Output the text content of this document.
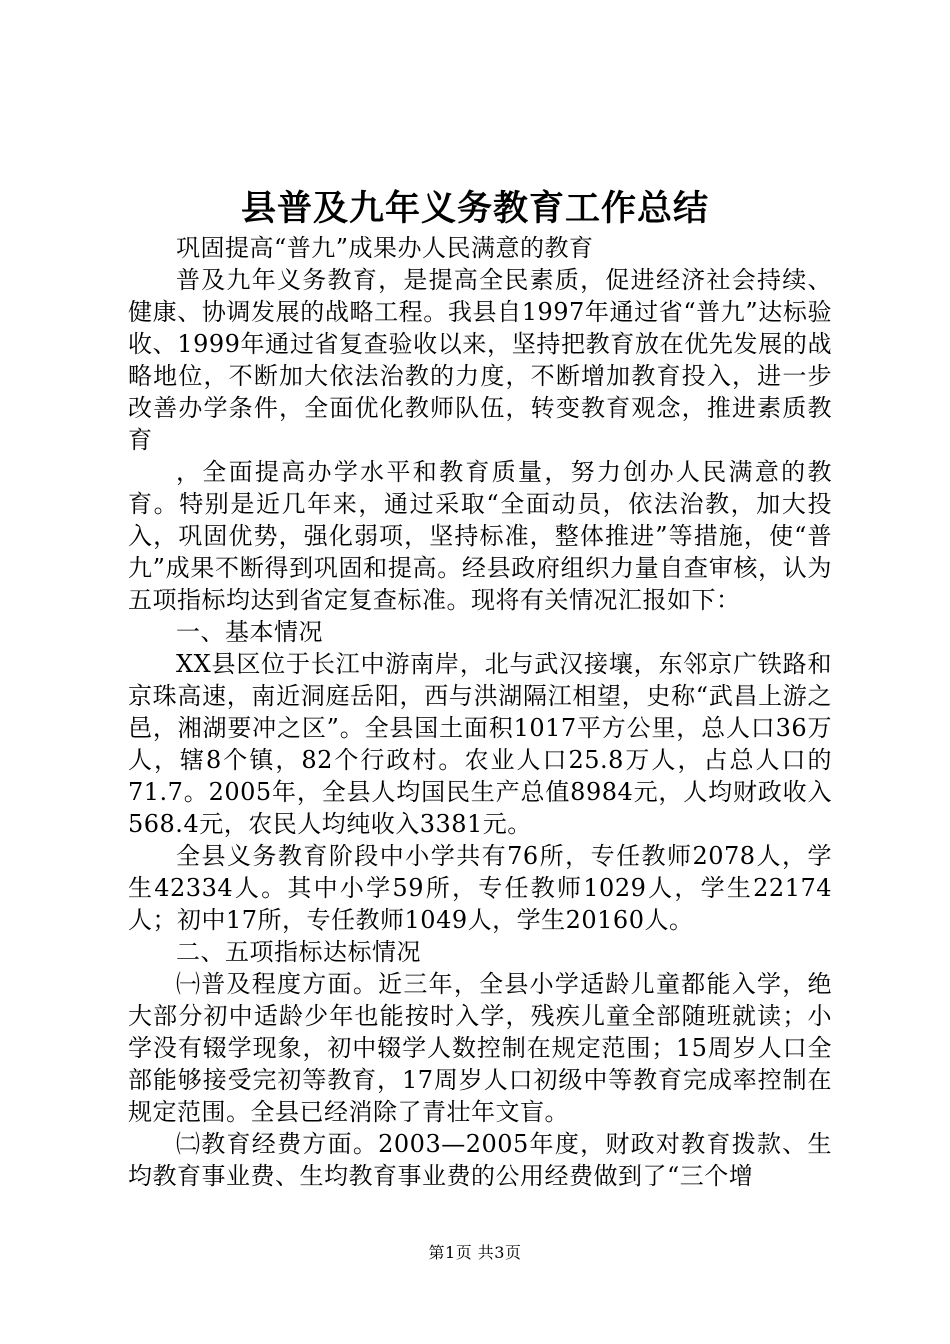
县普及九年义务教育工作总结

巩固提高“普九”成果办人民满意的教育

普及九年义务教育，是提高全民素质，促进经济社会持续、健康、协调发展的战略工程。我县自1997年通过省“普九”达标验收、1999年通过省复查验收以来，坚持把教育放在优先发展的战略地位，不断加大依法治教的力度，不断增加教育投入，进一步改善办学条件，全面优化教师队伍，转变教育观念，推进素质教育

，全面提高办学水平和教育质量，努力创办人民满意的教育。特别是近几年来，通过采取“全面动员，依法治教，加大投入，巩固优势，强化弱项，坚持标准，整体推进”等措施，使“普九”成果不断得到巩固和提高。经县政府组织力量自查审核，认为五项指标均达到省定复查标准。现将有关情况汇报如下：

一、基本情况

XX县区位于长江中游南岸，北与武汉接壤，东邻京广铁路和京珠高速，南近洞庭岳阳，西与洪湖隔江相望，史称“武昌上游之邑，湘湖要冲之区”。全县国土面积1017平方公里，总人口36万人，辖8个镇，82个行政村。农业人口25.8万人，占总人口的71.7。2005年，全县人均国民生产总值8984元，人均财政收入568.4元，农民人均纯收入3381元。

全县义务教育阶段中小学共有76所，专任教师2078人，学生42334人。其中小学59所，专任教师1029人，学生22174人；初中17所，专任教师1049人，学生20160人。

二、五项指标达标情况

㈠普及程度方面。近三年，全县小学适龄儿童都能入学，绝大部分初中适龄少年也能按时入学，残疾儿童全部随班就读；小学没有辍学现象，初中辍学人数控制在规定范围；15周岁人口全部能够接受完初等教育，17周岁人口初级中等教育完成率控制在规定范围。全县已经消除了青壮年文盲。

㈡教育经费方面。2003—2005年度，财政对教育拨款、生均教育事业费、生均教育事业费的公用经费做到了“三个增

第1页 共3页
